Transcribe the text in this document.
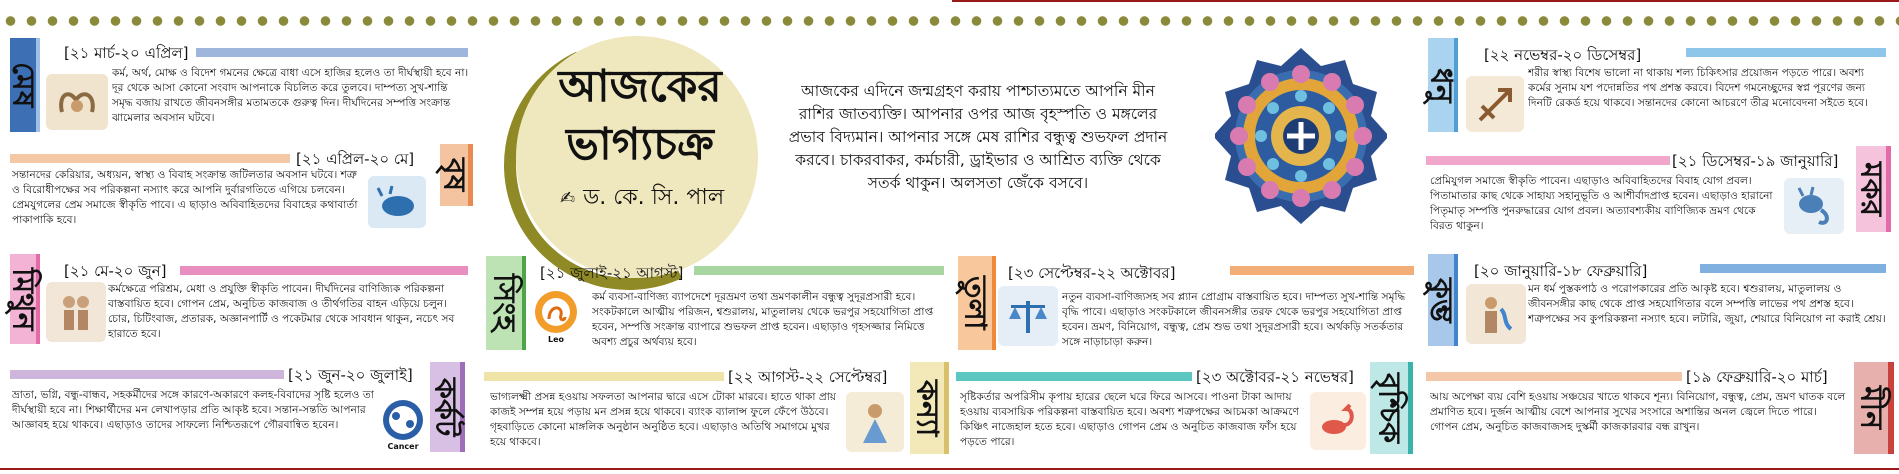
আজকের
ভাগ্যচক্র
✍ ড. কে. সি. পাল
আজকের এদিনে জন্মগ্রহণ করায় পাশ্চাত্যমতে আপনি মীন রাশির জাতব্যক্তি। আপনার ওপর আজ বৃহস্পতি ও মঙ্গলের প্রভাব বিদ্যমান। আপনার সঙ্গে মেষ রাশির বন্ধুত্ব শুভফল প্রদান করবে। চাকরবাকর, কর্মচারী, ড্রাইভার ও আশ্রিত ব্যক্তি থেকে সতর্ক থাকুন। অলসতা জেঁকে বসবে।
মেষ
[২১ মার্চ-২০ এপ্রিল]
কর্ম, অর্থ, মোক্ষ ও বিদেশ গমনের ক্ষেত্রে বাধা এসে হাজির হলেও তা দীর্ঘস্থায়ী হবে না। দূর থেকে আসা কোনো সংবাদ আপনাকে বিচলিত করে তুলবে। দাম্পত্য সুখ-শান্তি সমৃদ্ধ বজায় রাখতে জীবনসঙ্গীর মতামতকে গুরুত্ব দিন। দীর্ঘদিনের সম্পত্তি সংক্রান্ত ঝামেলার অবসান ঘটবে।
[২১ এপ্রিল-২০ মে] বৃষ
সন্তানদের কেরিয়ার, অধ্যয়ন, স্বাস্থ্য ও বিবাহ সংক্রান্ত জটিলতার অবসান ঘটবে। শত্রু ও বিরোধীপক্ষের সব পরিকল্পনা নস্যাৎ করে আপনি দুর্বারগতিতে এগিয়ে চলবেন। প্রেমযুগলের প্রেম সমাজে স্বীকৃতি পাবে। এ ছাড়াও অবিবাহিতদের বিবাহের কথাবার্তা পাকাপাকি হবে।
মিথুন	[২১ মে-২০ জুন]
কর্মক্ষেত্রে পরিশ্রম, মেধা ও প্রযুক্তি স্বীকৃতি পাবেন। দীর্ঘদিনের বাণিজ্যিক পরিকল্পনা বাস্তবায়িত হবে। গোপন প্রেম, অনুচিত কাজবাজ ও তীর্থগতির বাহন এড়িয়ে চলুন। চোর, চিটিংবাজ, প্রতারক, অজ্ঞানপার্টি ও পকেটমার থেকে সাবধান থাকুন, নচেৎ সব হারাতে হবে।
[২১ জুন-২০ জুলাই]
কর্কট
ভ্রাতা, ভগ্নি, বন্ধু-বান্ধব, সহকর্মীদের সঙ্গে কারণে-অকারণে কলহ-বিবাদের সৃষ্টি হলেও তা দীর্ঘস্থায়ী হবে না। শিক্ষার্থীদের মন লেখাপড়ার প্রতি আকৃষ্ট হবে। সন্তান-সন্ততি আপনার আজ্ঞাবহ হয়ে থাকবে। এছাড়াও তাদের সাফল্যে নিশ্চিতরূপে গৌরবান্বিত হবেন।
Cancer
সিংহ
[২১ জুলাই-২১ আগস্ট]
Leo
কর্ম ব্যবসা-বাণিজ্য ব্যাপদেশে দূরভ্রমণ তথা ভ্রমণকালীন বন্ধুত্ব সুদূরপ্রসারী হবে। সংকটকালে আত্মীয় পরিজন, শ্বশুরালয়, মাতুলালয় থেকে ভরপুর সহযোগিতা প্রাপ্ত হবেন, সম্পত্তি সংক্রান্ত ব্যাপারে শুভফল প্রাপ্ত হবেন। এছাড়াও গৃহসজ্জার নিমিত্তে অবশ্য প্রচুর অর্থব্যয় হবে।
[২২ আগস্ট-২২ সেপ্টেম্বর]
কন্যা
ভাগ্যলক্ষ্মী প্রসন্ন হওয়ায় সফলতা আপনার দ্বারে এসে টোকা মারবে। হাতে থাকা প্রায় কাজই সম্পন্ন হয়ে পড়ায় মন প্রসন্ন হয়ে থাকবে। ব্যাংক ব্যালান্স ফুলে ফেঁপে উঠবে। গৃহবাড়িতে কোনো মাঙ্গলিক অনুষ্ঠান অনুষ্ঠিত হবে। এছাড়াও অতিথি সমাগমে মুখর হয়ে থাকবে।
তুলা
[২৩ সেপ্টেম্বর-২২ অক্টোবর]
নতুন ব্যবসা-বাণিজ্যসহ সব প্ল্যান প্রোগ্রাম বাস্তবায়িত হবে। দাম্পত্য সুখ-শান্তি সমৃদ্ধি বৃদ্ধি পাবে। এছাড়াও সংকটকালে জীবনসঙ্গীর তরফ থেকে ভরপুর সহযোগিতা প্রাপ্ত হবেন। ভ্রমণ, বিনিয়োগ, বন্ধুত্ব, প্রেম শুভ তথা সুদূরপ্রসারী হবে। অর্থকড়ি সতর্কতার সঙ্গে নাড়াচাড়া করুন।
[২৩ অক্টোবর-২১ নভেম্বর] বৃশ্চিক
সৃষ্টিকর্তার অপরিসীম কৃপায় হারের ছেলে ঘরে ফিরে আসবে। পাওনা টাকা আদায় হওয়ায় ব্যবসায়িক পরিকল্পনা বাস্তবায়িত হবে। অবশ্য শত্রুপক্ষের আচমকা আক্রমণে কিঞ্চিৎ নাজেহাল হতে হবে। এছাড়াও গোপন প্রেম ও অনুচিত কাজবাজ ফাঁস হয়ে পড়তে পারে।
ধনু
[২২ নভেম্বর-২০ ডিসেম্বর]
শরীর স্বাস্থ্য বিশেষ ভালো না থাকায় শল্য চিকিৎসার প্রয়োজন পড়তে পারে। অবশ্য কর্মের সুনাম যশ পদোন্নতির পথ প্রশস্ত করবে। বিদেশ গমনেচ্ছুদের স্বপ্ন পূরণের জন্য দিনটি রেকর্ড হয়ে থাকবে। সন্তানদের কোনো আচরণে তীব্র মনোবেদনা সইতে হবে।
[২১ ডিসেম্বর-১৯ জানুয়ারি]
মকর
প্রেমিযুগল সমাজে স্বীকৃতি পাবেন। এছাড়াও অবিবাহিতদের বিবাহ যোগ প্রবল। পিতামাতার কাছ থেকে সাহায্য সহানুভূতি ও আশীর্বাদপ্রাপ্ত হবেন। এছাড়াও হারানো পিতৃমাতৃ সম্পত্তি পুনরুদ্ধারের যোগ প্রবল। অত্যাবশ্যকীয় বাণিজ্যিক ভ্রমণ থেকে বিরত থাকুন।
কুম্ভ
[২০ জানুয়ারি-১৮ ফেব্রুয়ারি]
মন ধর্ম পুস্তকপাঠ ও পরোপকারের প্রতি আকৃষ্ট হবে। শ্বশুরালয়, মাতুলালয় ও জীবনসঙ্গীর কাছ থেকে প্রাপ্ত সহযোগিতার বলে সম্পত্তি লাভের পথ প্রশস্ত হবে। শত্রুপক্ষের সব কুপরিকল্পনা নস্যাৎ হবে। লটারি, জুয়া, শেয়ারে বিনিয়োগ না করাই শ্রেয়।
[১৯ ফেব্রুয়ারি-২০ মার্চ]
মীন
আয় অপেক্ষা ব্যয় বেশি হওয়ায় সঞ্চয়ের খাতে থাকবে শূন্য। বিনিয়োগ, বন্ধুত্ব, প্রেম, ভ্রমণ ঘাতক বলে প্রমাণিত হবে। দুর্জন আত্মীয় বেশে আপনার সুখের সংসারে অশান্তির অনল জ্বেলে দিতে পারে। গোপন প্রেম, অনুচিত কাজবাজসহ দুস্কর্মী কাজকারবার বন্ধ রাখুন।
